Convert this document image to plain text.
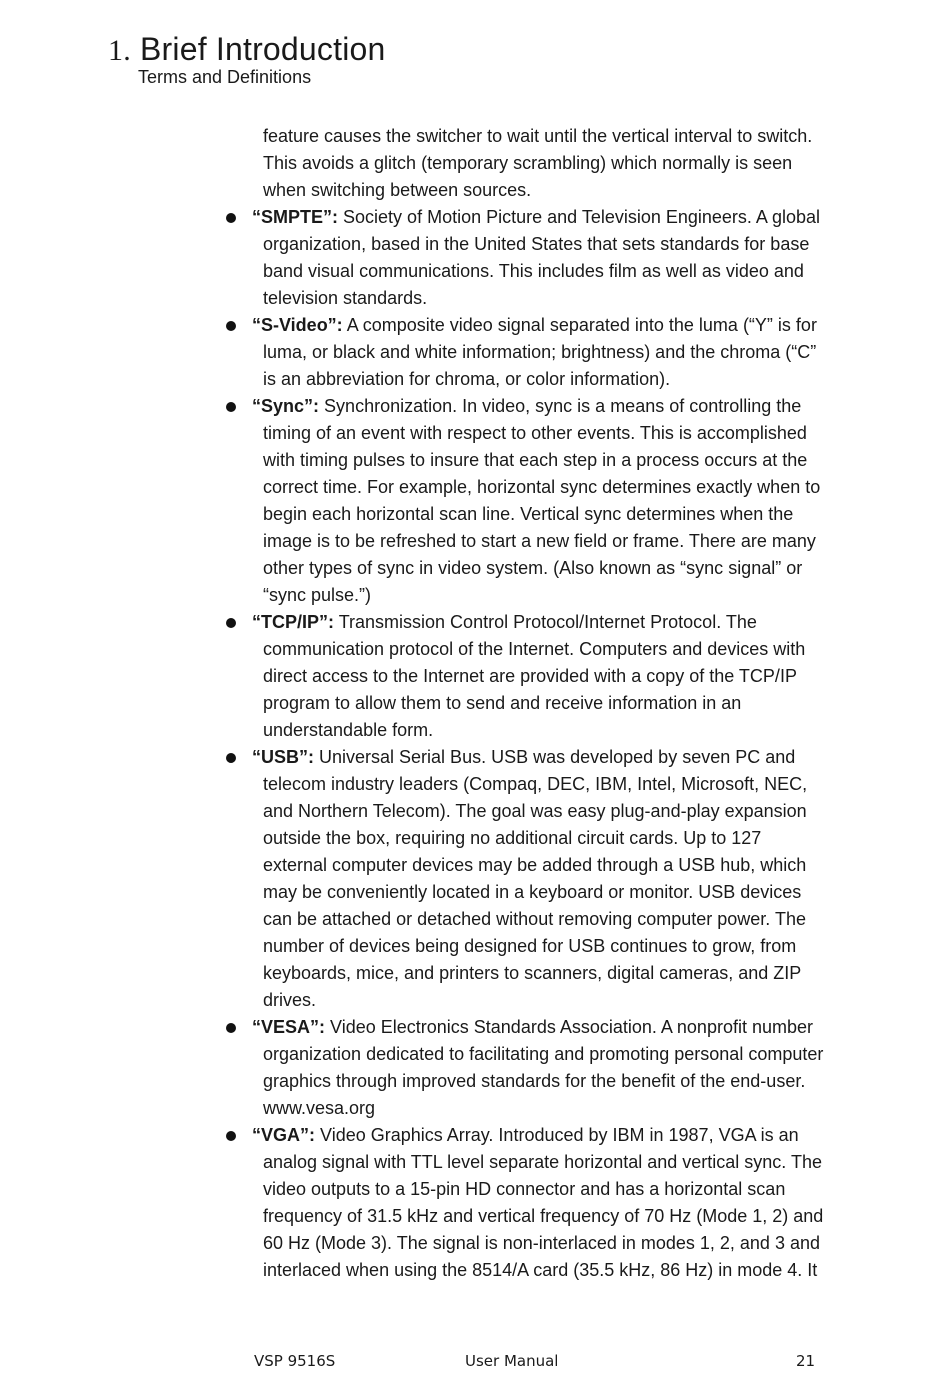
1. Brief Introduction
Terms and Definitions

feature causes the switcher to wait until the vertical interval to switch.
This avoids a glitch (temporary scrambling) which normally is seen
when switching between sources.

“SMPTE”: Society of Motion Picture and Television Engineers. A global
organization, based in the United States that sets standards for base
band visual communications. This includes film as well as video and
television standards.

“S-Video”: A composite video signal separated into the luma (“Y” is for
luma, or black and white information; brightness) and the chroma (“C”
is an abbreviation for chroma, or color information).

“Sync”: Synchronization. In video, sync is a means of controlling the
timing of an event with respect to other events. This is accomplished
with timing pulses to insure that each step in a process occurs at the
correct time. For example, horizontal sync determines exactly when to
begin each horizontal scan line. Vertical sync determines when the
image is to be refreshed to start a new field or frame. There are many
other types of sync in video system. (Also known as “sync signal” or
“sync pulse.”)

“TCP/IP”: Transmission Control Protocol/Internet Protocol. The
communication protocol of the Internet. Computers and devices with
direct access to the Internet are provided with a copy of the TCP/IP
program to allow them to send and receive information in an
understandable form.

“USB”: Universal Serial Bus. USB was developed by seven PC and
telecom industry leaders (Compaq, DEC, IBM, Intel, Microsoft, NEC,
and Northern Telecom). The goal was easy plug-and-play expansion
outside the box, requiring no additional circuit cards. Up to 127
external computer devices may be added through a USB hub, which
may be conveniently located in a keyboard or monitor. USB devices
can be attached or detached without removing computer power. The
number of devices being designed for USB continues to grow, from
keyboards, mice, and printers to scanners, digital cameras, and ZIP
drives.

“VESA”: Video Electronics Standards Association. A nonprofit number
organization dedicated to facilitating and promoting personal computer
graphics through improved standards for the benefit of the end-user.
www.vesa.org

“VGA”: Video Graphics Array. Introduced by IBM in 1987, VGA is an
analog signal with TTL level separate horizontal and vertical sync. The
video outputs to a 15-pin HD connector and has a horizontal scan
frequency of 31.5 kHz and vertical frequency of 70 Hz (Mode 1, 2) and
60 Hz (Mode 3). The signal is non-interlaced in modes 1, 2, and 3 and
interlaced when using the 8514/A card (35.5 kHz, 86 Hz) in mode 4. It

VSP 9516S	User Manual	21
